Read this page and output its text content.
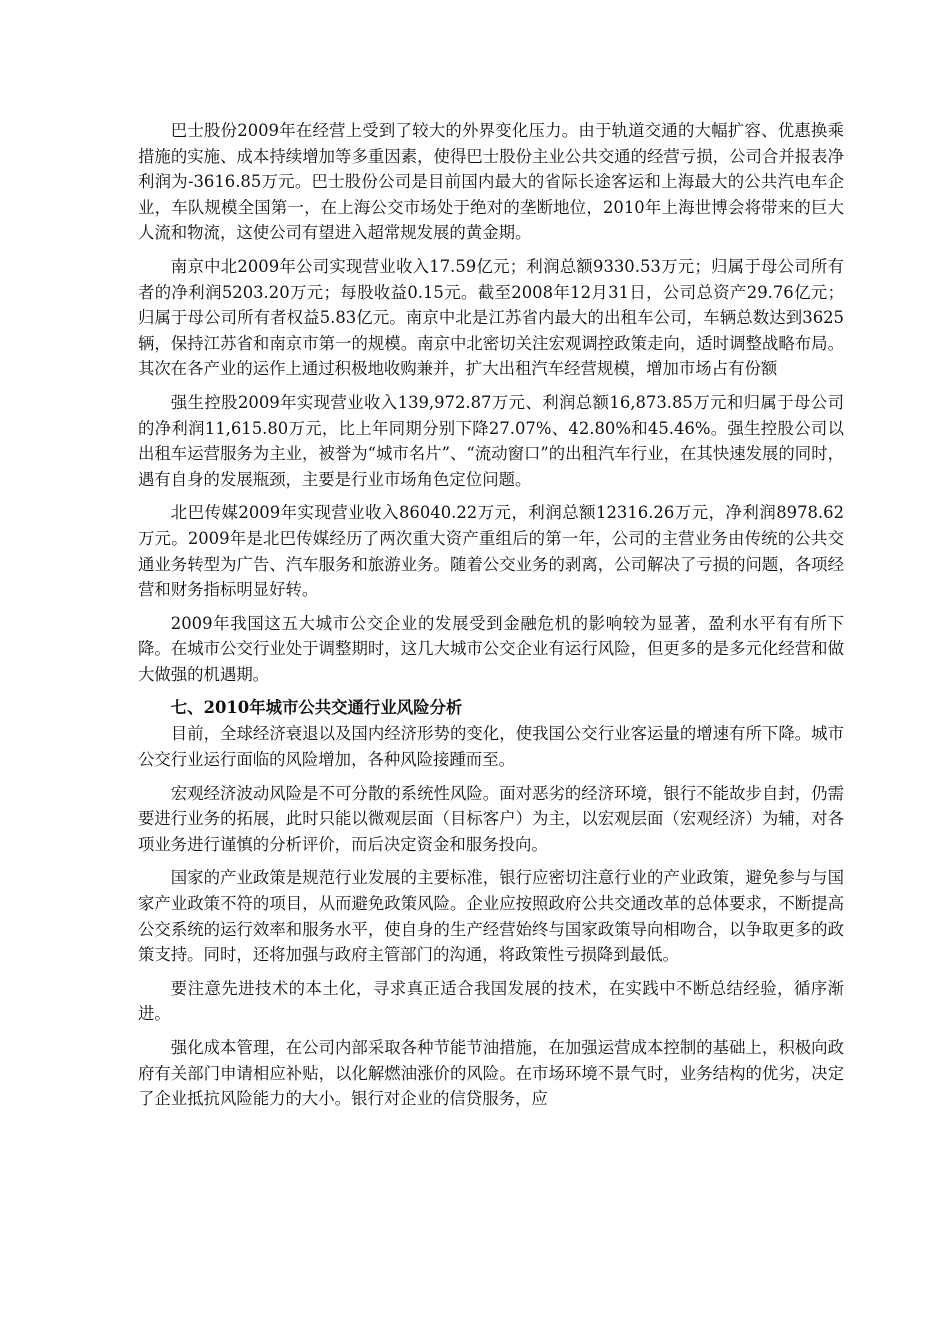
巴士股份2009年在经营上受到了较大的外界变化压力。由于轨道交通的大幅扩容、优惠换乘措施的实施、成本持续增加等多重因素，使得巴士股份主业公共交通的经营亏损，公司合并报表净利润为-3616.85万元。巴士股份公司是目前国内最大的省际长途客运和上海最大的公共汽电车企业，车队规模全国第一，在上海公交市场处于绝对的垄断地位，2010年上海世博会将带来的巨大人流和物流，这使公司有望进入超常规发展的黄金期。

南京中北2009年公司实现营业收入17.59亿元；利润总额9330.53万元；归属于母公司所有者的净利润5203.20万元；每股收益0.15元。截至2008年12月31日，公司总资产29.76亿元；归属于母公司所有者权益5.83亿元。南京中北是江苏省内最大的出租车公司，车辆总数达到3625辆，保持江苏省和南京市第一的规模。南京中北密切关注宏观调控政策走向，适时调整战略布局。其次在各产业的运作上通过积极地收购兼并，扩大出租汽车经营规模，增加市场占有份额

强生控股2009年实现营业收入139,972.87万元、利润总额16,873.85万元和归属于母公司的净利润11,615.80万元，比上年同期分别下降27.07%、42.80%和45.46%。强生控股公司以出租车运营服务为主业，被誉为“城市名片”、“流动窗口”的出租汽车行业，在其快速发展的同时，遇有自身的发展瓶颈，主要是行业市场角色定位问题。

北巴传媒2009年实现营业收入86040.22万元，利润总额12316.26万元，净利润8978.62万元。2009年是北巴传媒经历了两次重大资产重组后的第一年，公司的主营业务由传统的公共交通业务转型为广告、汽车服务和旅游业务。随着公交业务的剥离，公司解决了亏损的问题，各项经营和财务指标明显好转。

2009年我国这五大城市公交企业的发展受到金融危机的影响较为显著，盈利水平有有所下降。在城市公交行业处于调整期时，这几大城市公交企业有运行风险，但更多的是多元化经营和做大做强的机遇期。

七、2010年城市公共交通行业风险分析

目前，全球经济衰退以及国内经济形势的变化，使我国公交行业客运量的增速有所下降。城市公交行业运行面临的风险增加，各种风险接踵而至。

宏观经济波动风险是不可分散的系统性风险。面对恶劣的经济环境，银行不能故步自封，仍需要进行业务的拓展，此时只能以微观层面（目标客户）为主，以宏观层面（宏观经济）为辅，对各项业务进行谨慎的分析评价，而后决定资金和服务投向。

国家的产业政策是规范行业发展的主要标准，银行应密切注意行业的产业政策，避免参与与国家产业政策不符的项目，从而避免政策风险。企业应按照政府公共交通改革的总体要求，不断提高公交系统的运行效率和服务水平，使自身的生产经营始终与国家政策导向相吻合，以争取更多的政策支持。同时，还将加强与政府主管部门的沟通，将政策性亏损降到最低。

要注意先进技术的本土化，寻求真正适合我国发展的技术，在实践中不断总结经验，循序渐进。

强化成本管理，在公司内部采取各种节能节油措施，在加强运营成本控制的基础上，积极向政府有关部门申请相应补贴，以化解燃油涨价的风险。在市场环境不景气时，业务结构的优劣，决定了企业抵抗风险能力的大小。银行对企业的信贷服务，应
